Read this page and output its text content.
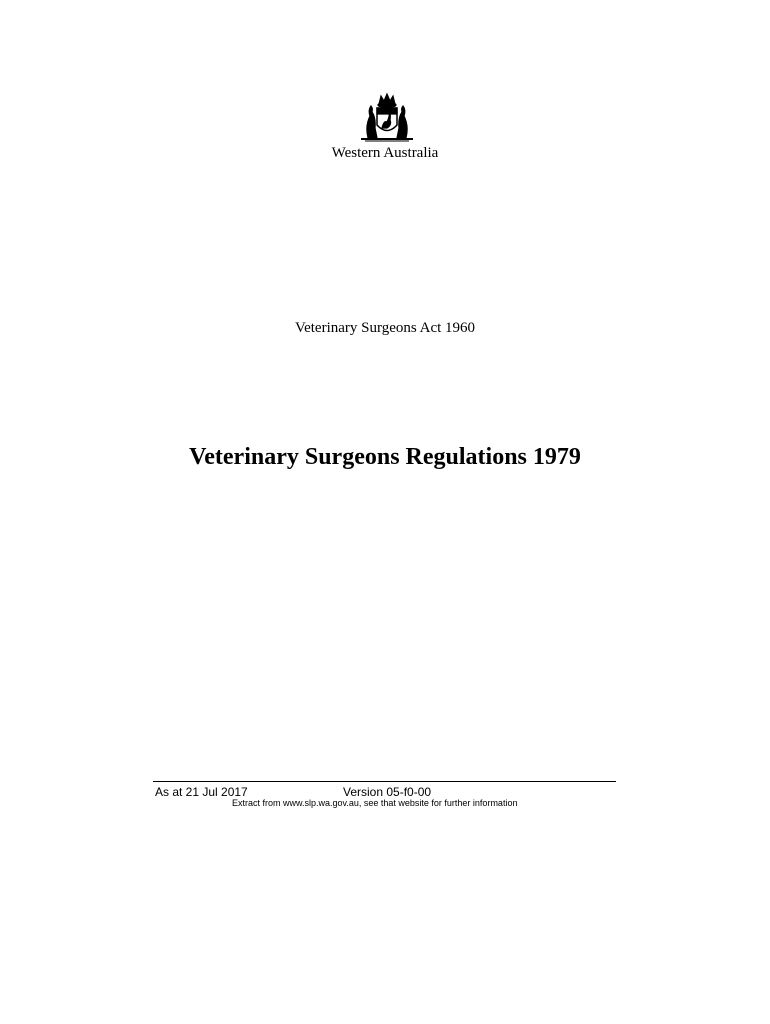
Western Australia
Veterinary Surgeons Act 1960
Veterinary Surgeons Regulations 1979
As at 21 Jul 2017	Version 05-f0-00
Extract from www.slp.wa.gov.au, see that website for further information
